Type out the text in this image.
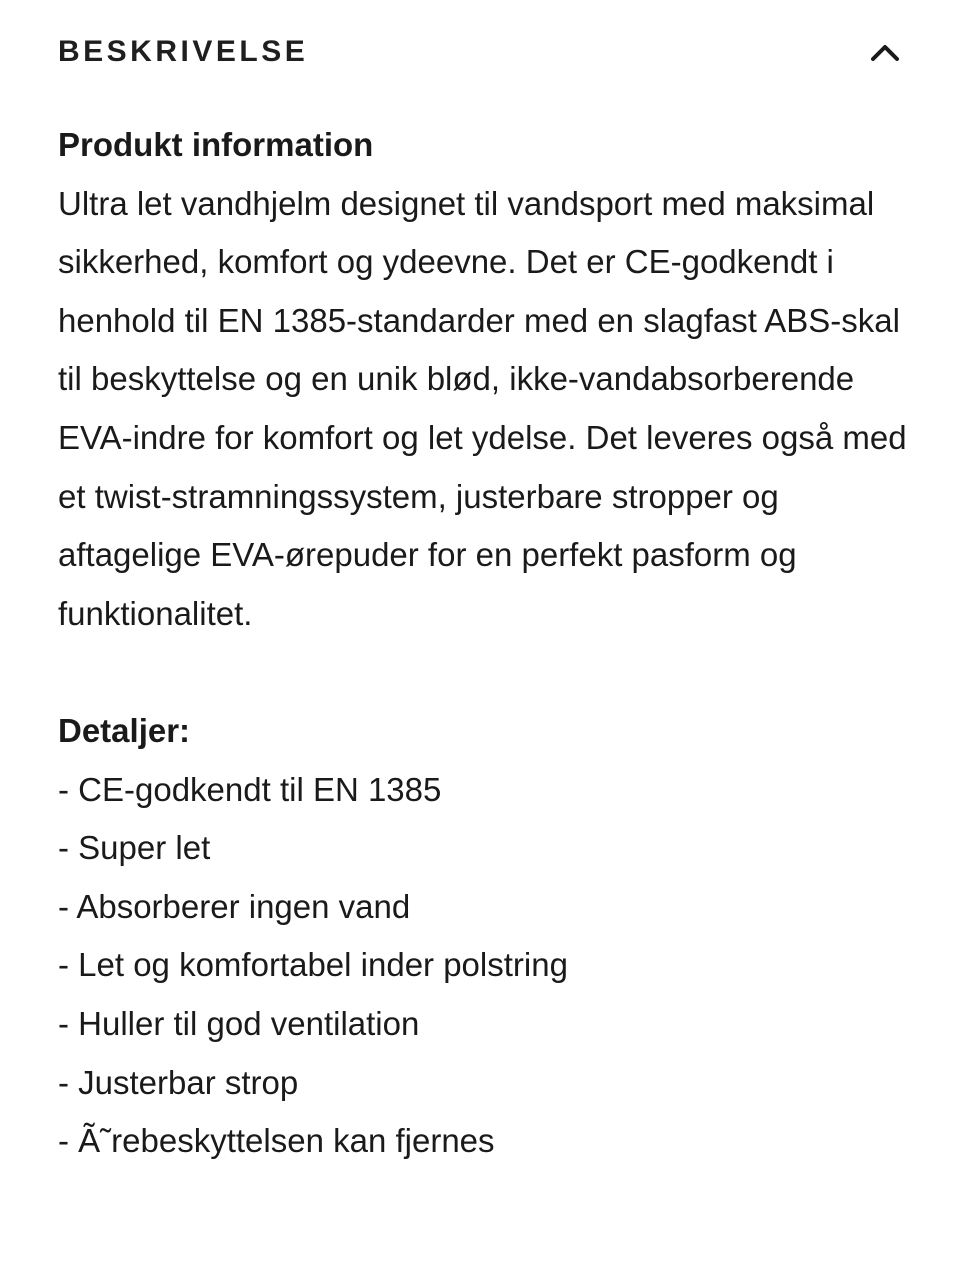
BESKRIVELSE

Produkt information

Ultra let vandhjelm designet til vandsport med maksimal sikkerhed, komfort og ydeevne. Det er CE-godkendt i henhold til EN 1385-standarder med en slagfast ABS-skal til beskyttelse og en unik blød, ikke-vandabsorberende EVA-indre for komfort og let ydelse. Det leveres også med et twist-stramningssystem, justerbare stropper og aftagelige EVA-ørepuder for en perfekt pasform og funktionalitet.

Detaljer:

- CE-godkendt til EN 1385
- Super let
- Absorberer ingen vand
- Let og komfortabel inder polstring
- Huller til god ventilation
- Justerbar strop
- Ã˜rebeskyttelsen kan fjernes
